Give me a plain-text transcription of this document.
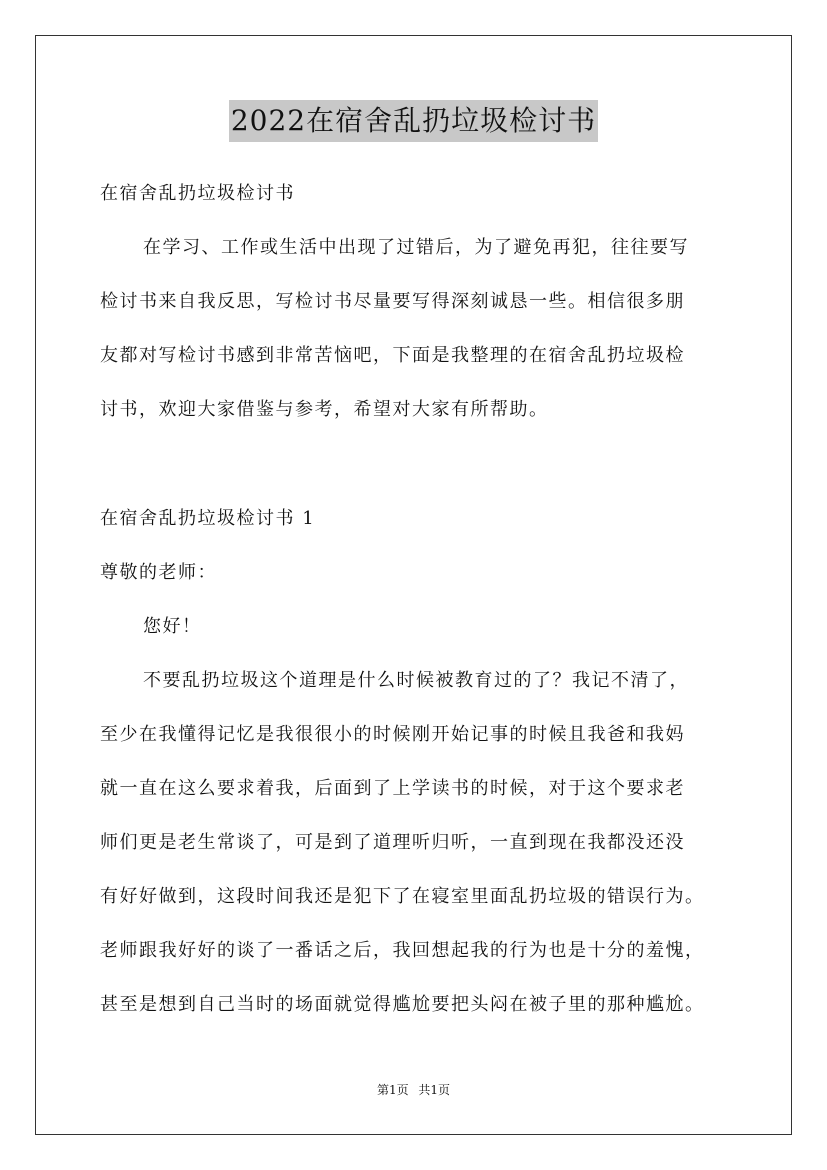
2022在宿舍乱扔垃圾检讨书
在宿舍乱扔垃圾检讨书
在学习、工作或生活中出现了过错后，为了避免再犯，往往要写
检讨书来自我反思，写检讨书尽量要写得深刻诚恳一些。相信很多朋
友都对写检讨书感到非常苦恼吧，下面是我整理的在宿舍乱扔垃圾检
讨书，欢迎大家借鉴与参考，希望对大家有所帮助。
在宿舍乱扔垃圾检讨书 1
尊敬的老师：
您好！
不要乱扔垃圾这个道理是什么时候被教育过的了？我记不清了，
至少在我懂得记忆是我很很小的时候刚开始记事的时候且我爸和我妈
就一直在这么要求着我，后面到了上学读书的时候，对于这个要求老
师们更是老生常谈了，可是到了道理听归听，一直到现在我都没还没
有好好做到，这段时间我还是犯下了在寝室里面乱扔垃圾的错误行为。
老师跟我好好的谈了一番话之后，我回想起我的行为也是十分的羞愧，
甚至是想到自己当时的场面就觉得尴尬要把头闷在被子里的那种尴尬。
第1页 共1页
